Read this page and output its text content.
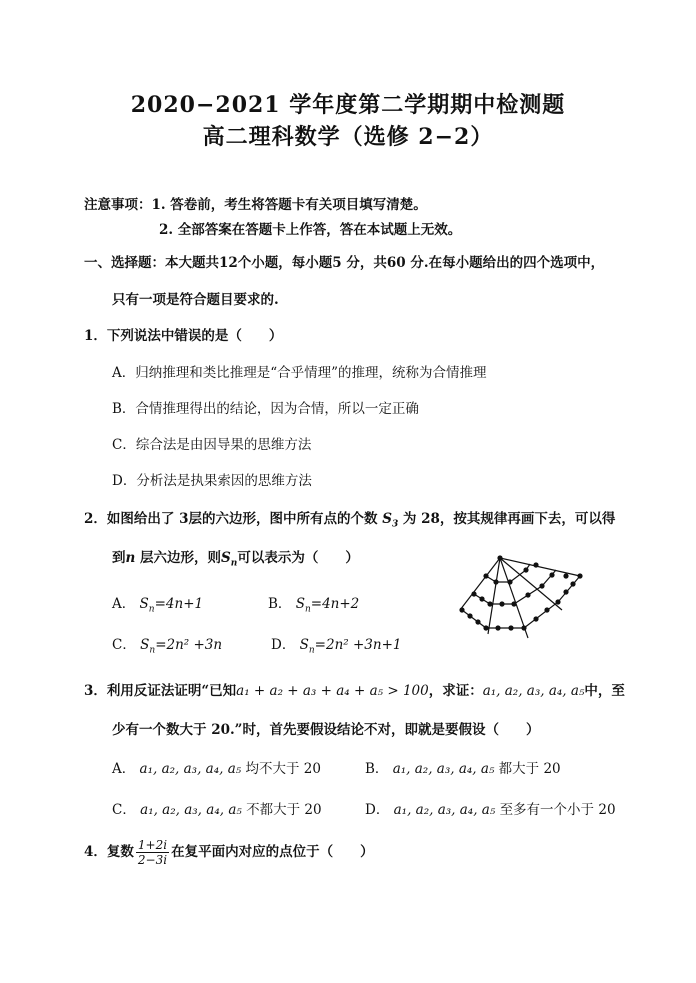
2020−2021 学年度第二学期期中检测题
高二理科数学（选修 2−2）
注意事项：1. 答卷前，考生将答题卡有关项目填写清楚。
2. 全部答案在答题卡上作答，答在本试题上无效。
一、选择题：本大题共12个小题，每小题5 分，共60 分.在每小题给出的四个选项中，
只有一项是符合题目要求的.
1．下列说法中错误的是（　　）
A．归纳推理和类比推理是“合乎情理”的推理，统称为合情推理
B．合情推理得出的结论，因为合情，所以一定正确
C．综合法是由因导果的思维方法
D．分析法是执果索因的思维方法
2．如图给出了 3层的六边形，图中所有点的个数 $S_3$ 为 28，按其规律再画下去，可以得
到n 层六边形，则$S_n$可以表示为（　　）
A． $S_n=4n+1$	B． $S_n=4n+2$
C． $S_n=2n^2 +3n$	D． $S_n=2n^2 +3n+1$
3．利用反证法证明“已知a₁ + a₂ + a₃ + a₄ + a₅ > 100，求证：a₁, a₂, a₃, a₄, a₅中，至
少有一个数大于 20.”时，首先要假设结论不对，即就是要假设（　　）
A． a₁, a₂, a₃, a₄, a₅ 均不大于 20	B． a₁, a₂, a₃, a₄, a₅ 都大于 20
C． a₁, a₂, a₃, a₄, a₅ 不都大于 20	D． a₁, a₂, a₃, a₄, a₅ 至多有一个小于 20
4．复数 $\frac{1+2i}{2-3i}$ 在复平面内对应的点位于（　　）
